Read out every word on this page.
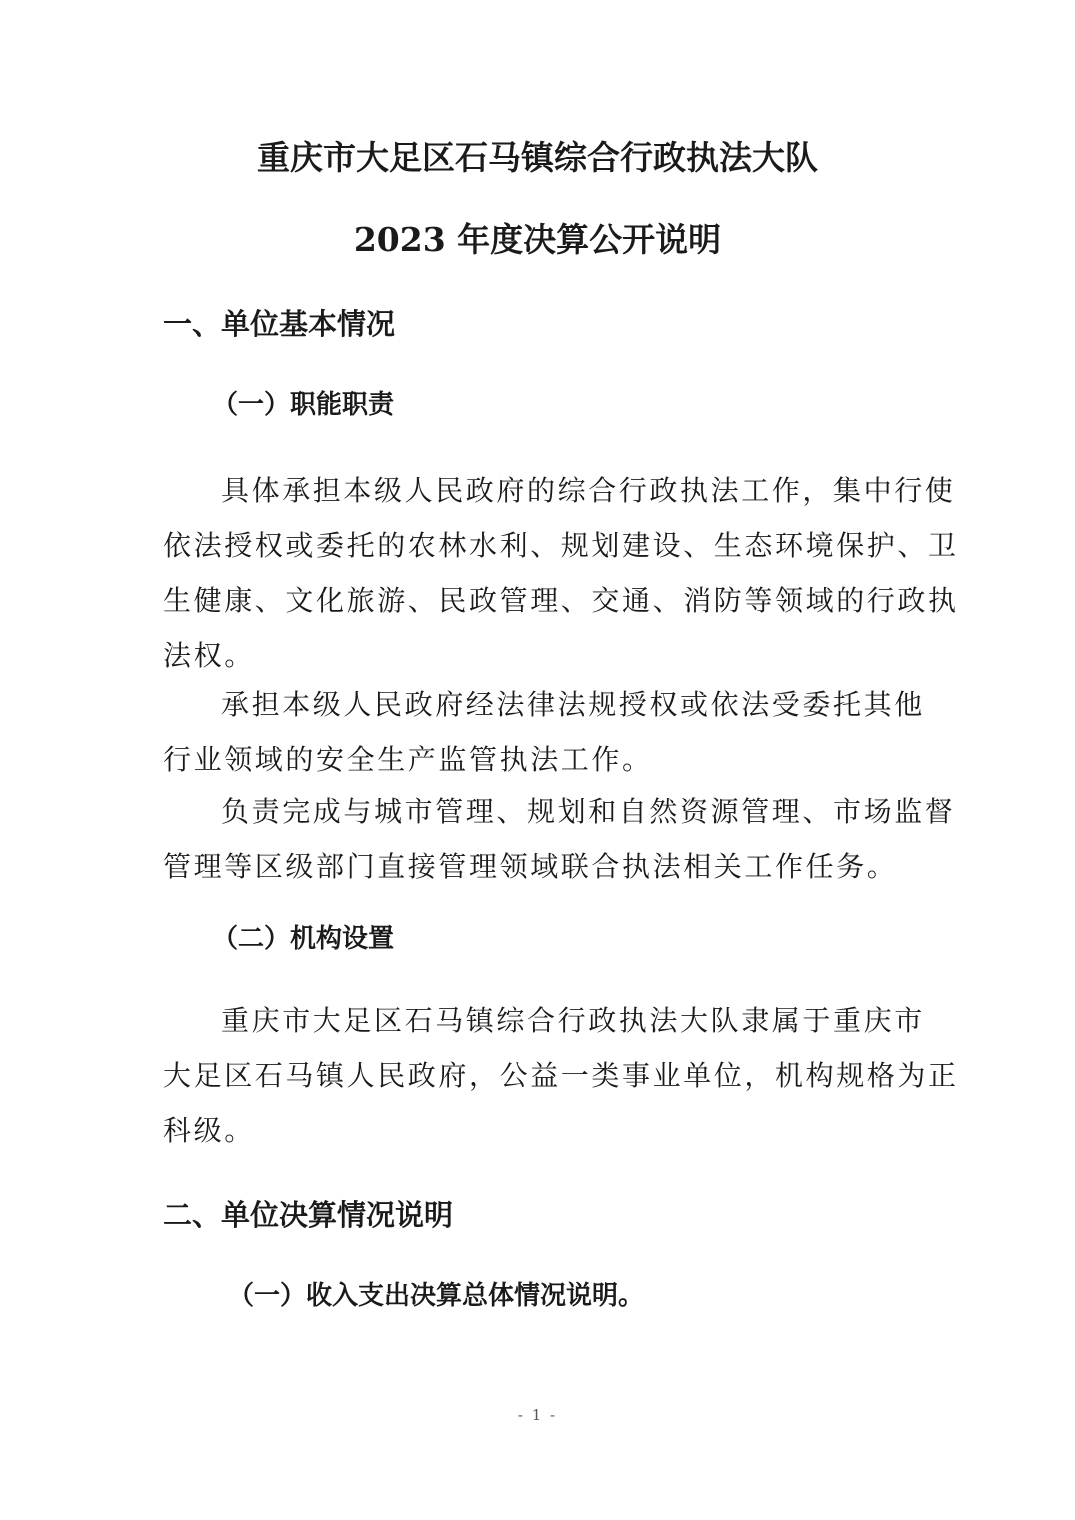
重庆市大足区石马镇综合行政执法大队
2023 年度决算公开说明
一、单位基本情况
（一）职能职责
具体承担本级人民政府的综合行政执法工作，集中行使
依法授权或委托的农林水利、规划建设、生态环境保护、卫
生健康、文化旅游、民政管理、交通、消防等领域的行政执
法权。
承担本级人民政府经法律法规授权或依法受委托其他
行业领域的安全生产监管执法工作。
负责完成与城市管理、规划和自然资源管理、市场监督
管理等区级部门直接管理领域联合执法相关工作任务。
（二）机构设置
重庆市大足区石马镇综合行政执法大队隶属于重庆市
大足区石马镇人民政府，公益一类事业单位，机构规格为正
科级。
二、单位决算情况说明
（一）收入支出决算总体情况说明。
- 1 -
